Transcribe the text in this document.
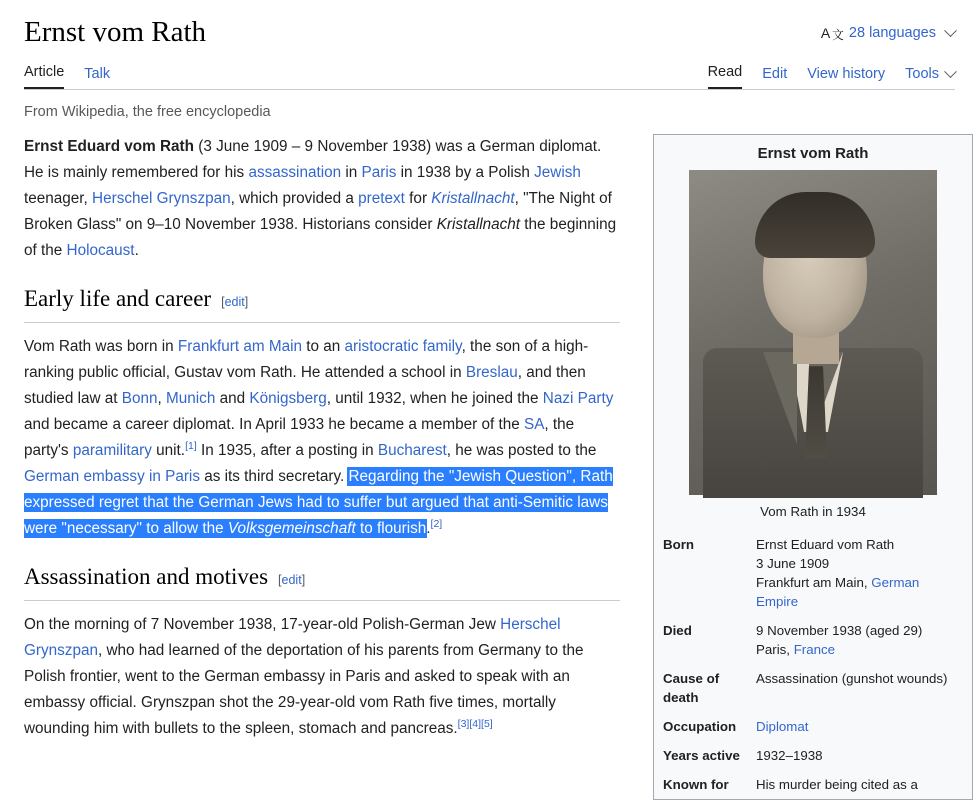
Ernst vom Rath	A 文 28 languages
Article Talk	Read Edit View history Tools
From Wikipedia, the free encyclopedia

Ernst Eduard vom Rath (3 June 1909 – 9 November 1938) was a German diplomat. He is mainly remembered for his assassination in Paris in 1938 by a Polish Jewish teenager, Herschel Grynszpan, which provided a pretext for Kristallnacht, "The Night of Broken Glass" on 9–10 November 1938. Historians consider Kristallnacht the beginning of the Holocaust.

Early life and career [edit]

Vom Rath was born in Frankfurt am Main to an aristocratic family, the son of a high-ranking public official, Gustav vom Rath. He attended a school in Breslau, and then studied law at Bonn, Munich and Königsberg, until 1932, when he joined the Nazi Party and became a career diplomat. In April 1933 he became a member of the SA, the party's paramilitary unit.[1] In 1935, after a posting in Bucharest, he was posted to the German embassy in Paris as its third secretary. Regarding the "Jewish Question", Rath expressed regret that the German Jews had to suffer but argued that anti-Semitic laws were "necessary" to allow the Volksgemeinschaft to flourish.[2]

Assassination and motives [edit]

On the morning of 7 November 1938, 17-year-old Polish-German Jew Herschel Grynszpan, who had learned of the deportation of his parents from Germany to the Polish frontier, went to the German embassy in Paris and asked to speak with an embassy official. Grynszpan shot the 29-year-old vom Rath five times, mortally wounding him with bullets to the spleen, stomach and pancreas.[3][4][5]

Ernst vom Rath
Vom Rath in 1934
Born	Ernst Eduard vom Rath
3 June 1909
Frankfurt am Main, German Empire

Died	9 November 1938 (aged 29)
Paris, France

Cause of death	Assassination (gunshot wounds)
Occupation	Diplomat
Years active	1932–1938
Known for	His murder being cited as a
